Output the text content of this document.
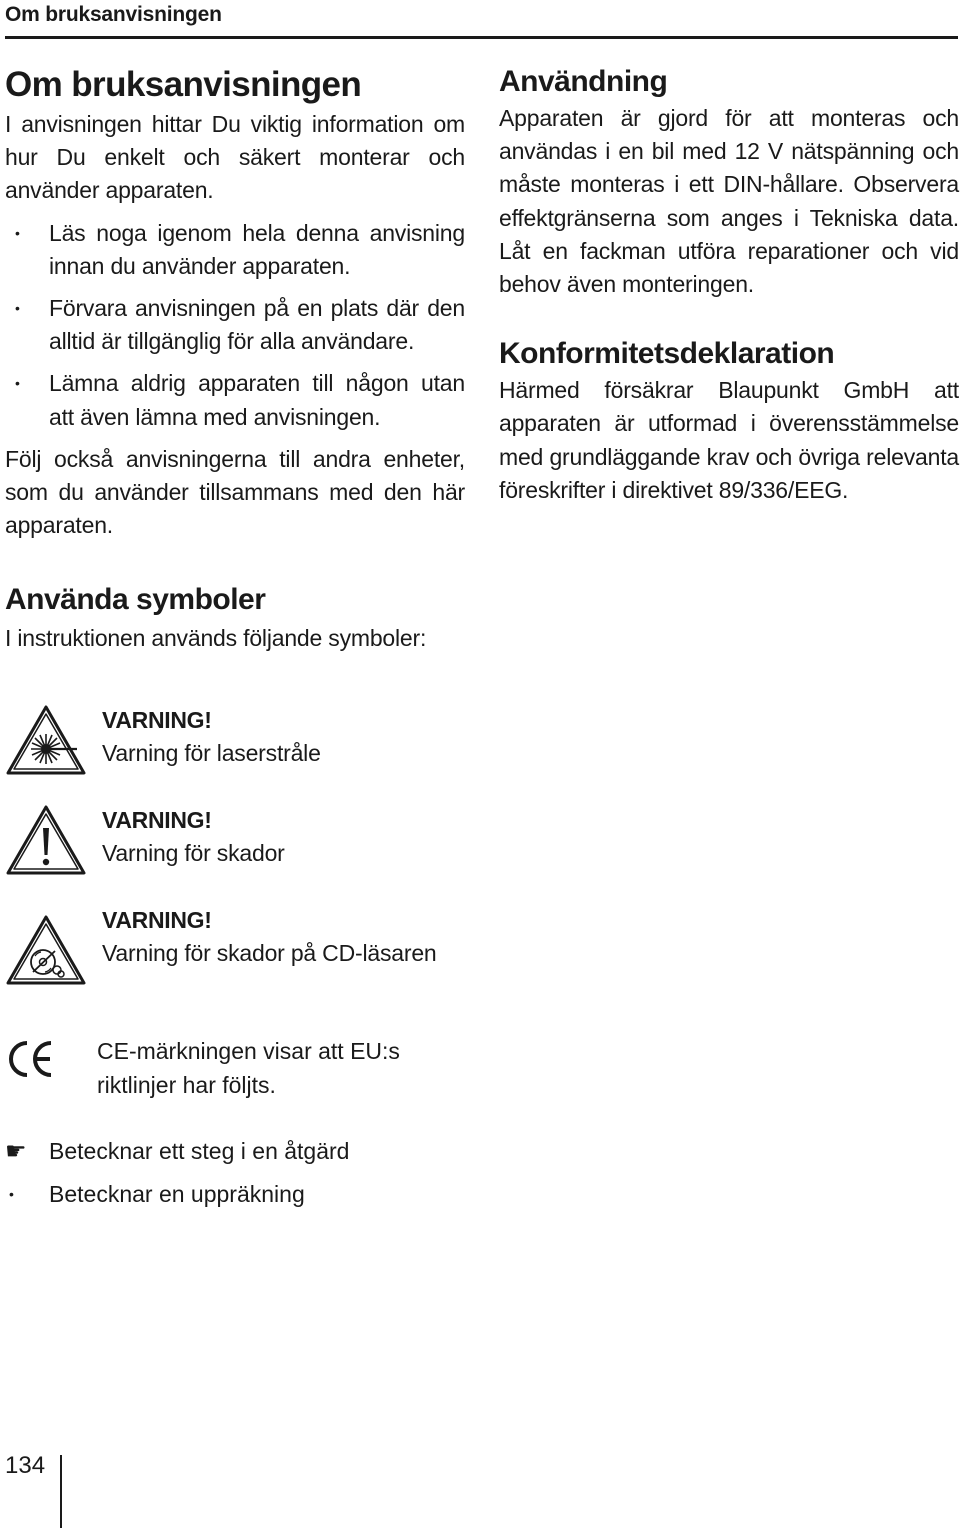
Om bruksanvisningen
Om bruksanvisningen

I anvisningen hittar Du viktig information om hur Du enkelt och säkert monterar och använder apparaten.

• Läs noga igenom hela denna anvisning innan du använder apparaten.
• Förvara anvisningen på en plats där den alltid är tillgänglig för alla användare.
• Lämna aldrig apparaten till någon utan att även lämna med anvisningen.

Följ också anvisningerna till andra enheter, som du använder tillsammans med den här apparaten.

Användning

Apparaten är gjord för att monteras och användas i en bil med 12 V nätspänning och måste monteras i ett DIN-hållare. Observera effektgränserna som anges i Tekniska data. Låt en fackman utföra reparationer och vid behov även monteringen.

Konformitetsdeklaration

Härmed försäkrar Blaupunkt GmbH att apparaten är utformad i överensstämmelse med grundläggande krav och övriga relevanta föreskrifter i direktivet 89/336/EEG.

Använda symboler

I instruktionen används följande symboler:

VARNING!
Varning för laserstråle
VARNING!
Varning för skador
VARNING!
Varning för skador på CD-läsaren
CE-märkningen visar att EU:s riktlinjer har följts.
☛ Betecknar ett steg i en åtgärd
•	Betecknar en uppräkning
134
